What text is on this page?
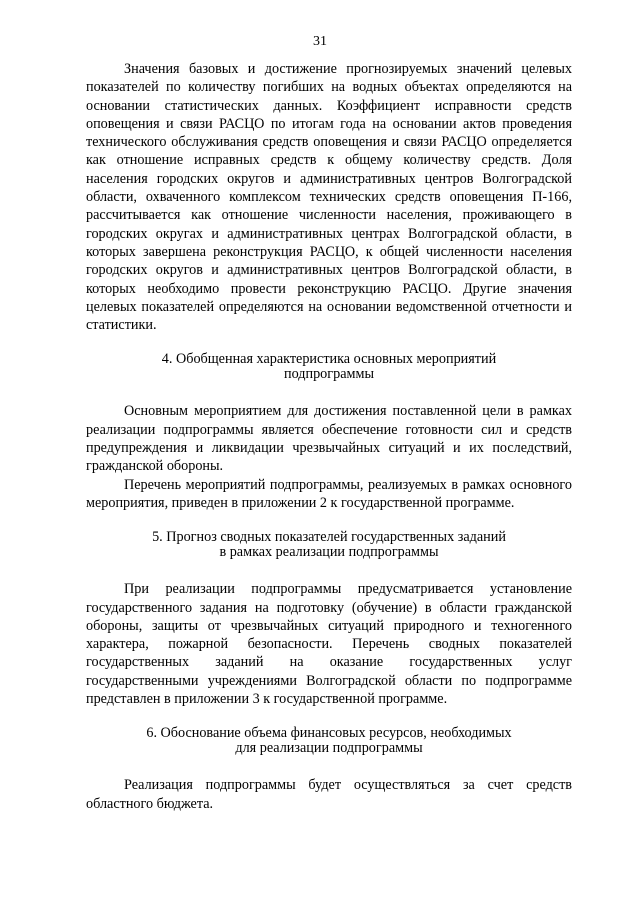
31

Значения базовых и достижение прогнозируемых значений целевых показателей по количеству погибших на водных объектах определяются на основании статистических данных. Коэффициент исправности средств оповещения и связи РАСЦО по итогам года на основании актов проведения технического обслуживания средств оповещения и связи РАСЦО определяется как отношение исправных средств к общему количеству средств. Доля населения городских округов и административных центров Волгоградской области, охваченного комплексом технических средств оповещения П-166, рассчитывается как отношение численности населения, проживающего в городских округах и административных центрах Волгоградской области, в которых завершена реконструкция РАСЦО, к общей численности населения городских округов и административных центров Волгоградской области, в которых необходимо провести реконструкцию РАСЦО. Другие значения целевых показателей определяются на основании ведомственной отчетности и статистики.

4. Обобщенная характеристика основных мероприятий
подпрограммы

Основным мероприятием для достижения поставленной цели в рамках реализации подпрограммы является обеспечение готовности сил и средств предупреждения и ликвидации чрезвычайных ситуаций и их последствий, гражданской обороны.

Перечень мероприятий подпрограммы, реализуемых в рамках основного мероприятия, приведен в приложении 2 к государственной программе.

5. Прогноз сводных показателей государственных заданий
в рамках реализации подпрограммы

При реализации подпрограммы предусматривается установление государственного задания на подготовку (обучение) в области гражданской обороны, защиты от чрезвычайных ситуаций природного и техногенного характера, пожарной безопасности. Перечень сводных показателей государственных заданий на оказание государственных услуг государственными учреждениями Волгоградской области по подпрограмме представлен в приложении 3 к государственной программе.

6. Обоснование объема финансовых ресурсов, необходимых
для реализации подпрограммы

Реализация подпрограммы будет осуществляться за счет средств областного бюджета.
